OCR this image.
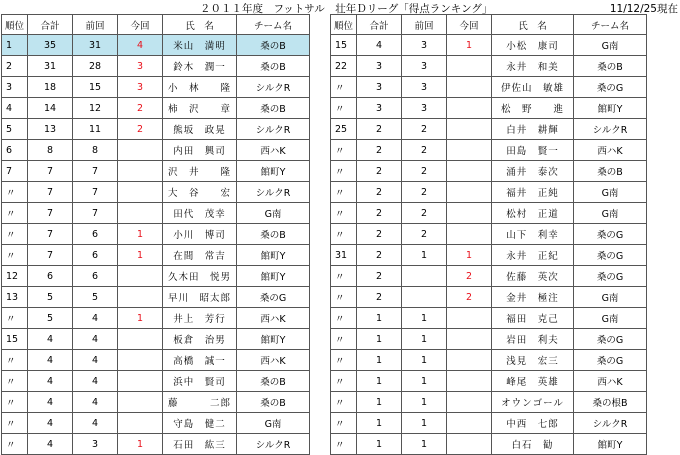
２０１１年度　フットサル　壮年Ｄリーグ「得点ランキング」	11/12/25現在
順位	合計	前回	今回	氏　名	チーム名
1	35	31	4	米山　満明	桑のB
2	31	28	3	鈴木　潤一	桑のB
3	18	15	3	小　林　　隆	シルクR
4	14	12	2	柿　沢　　章	桑のB
5	13	11	2	熊坂　政晃	シルクR
6	8	8		内田　興司	西ハK
7	7	7		沢　井　　隆	館町Y
〃	7	7		大　谷　　宏	シルクR
〃	7	7		田代　茂幸	G南
〃	7	6	1	小川　博司	桑のB
〃	7	6	1	在間　常吉	館町Y
12	6	6		久木田　悦男	館町Y
13	5	5		早川　昭太郎	桑のG
〃	5	4	1	井上　芳行	西ハK
15	4	4		板倉　治男	館町Y
〃	4	4		高橋　誠一	西ハK
〃	4	4		浜中　賢司	桑のB
〃	4	4		藤　　　二郎	桑のB
〃	4	4		守島　健二	G南
〃	4	3	1	石田　紘三	シルクR
順位	合計	前回	今回	氏　名	チーム名
15	4	3	1	小松　康司	G南
22	3	3		永井　和美	桑のB
〃	3	3		伊佐山　敏雄	桑のG
〃	3	3		松　野　　進	館町Y
25	2	2		白井　耕輝	シルクR
〃	2	2		田島　賢一	西ハK
〃	2	2		涌井　泰次	桑のB
〃	2	2		福井　正純	G南
〃	2	2		松村　正道	G南
〃	2	2		山下　利幸	桑のG
31	2	1	1	永井　正紀	桑のG
〃	2		2	佐藤　英次	桑のG
〃	2		2	金井　極注	G南
〃	1	1		福田　克己	G南
〃	1	1		岩田　利夫	桑のG
〃	1	1		浅見　宏三	桑のG
〃	1	1		峰尾　英雄	西ハK
〃	1	1		オウンゴール	桑の根B
〃	1	1		中西　七郎	シルクR
〃	1	1		白石　勧	館町Y
